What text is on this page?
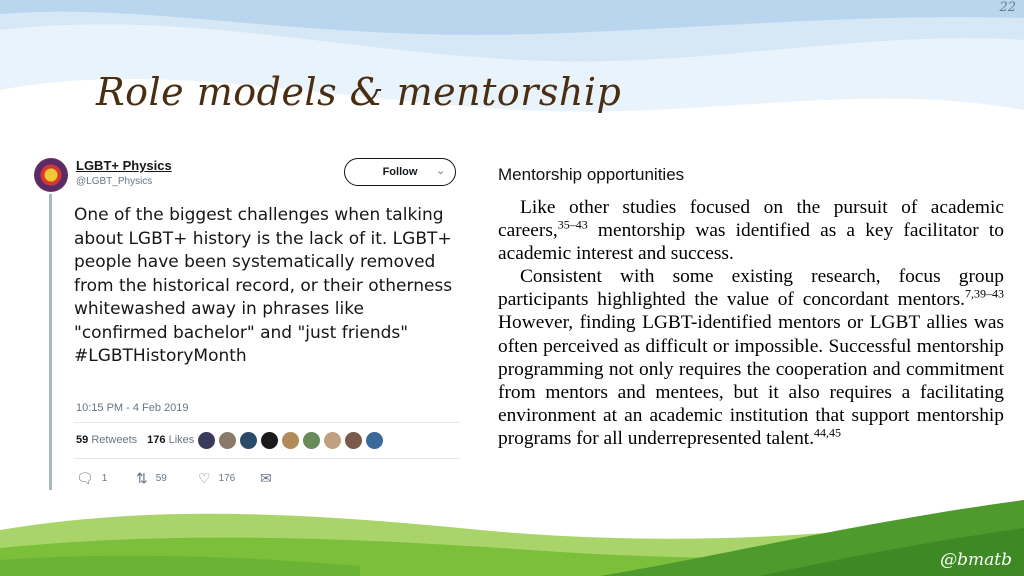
22
Role models & mentorship
LGBT+ Physics
@LGBT_Physics
Follow	⌄
One of the biggest challenges when talking about LGBT+ history is the lack of it. LGBT+ people have been systematically removed from the historical record, or their otherness whitewashed away in phrases like "confirmed bachelor" and "just friends" #LGBTHistoryMonth
10:15 PM - 4 Feb 2019
59 Retweets 176 Likes
🗨 1 ⇅ 59 ♡ 176 ✉
Mentorship opportunities

Like other studies focused on the pursuit of academic careers,$^{35-43}$ mentorship was identified as a key facilitator to academic interest and success.

Consistent with some existing research, focus group participants highlighted the value of concordant mentors.$^{7,39-43}$ However, finding LGBT-identified mentors or LGBT allies was often perceived as difficult or impossible. Successful mentorship programming not only requires the cooperation and commitment from mentors and mentees, but it also requires a facilitating environment at an academic institution that support mentorship programs for all underrepresented talent.$^{44,45}$

@bmatb
